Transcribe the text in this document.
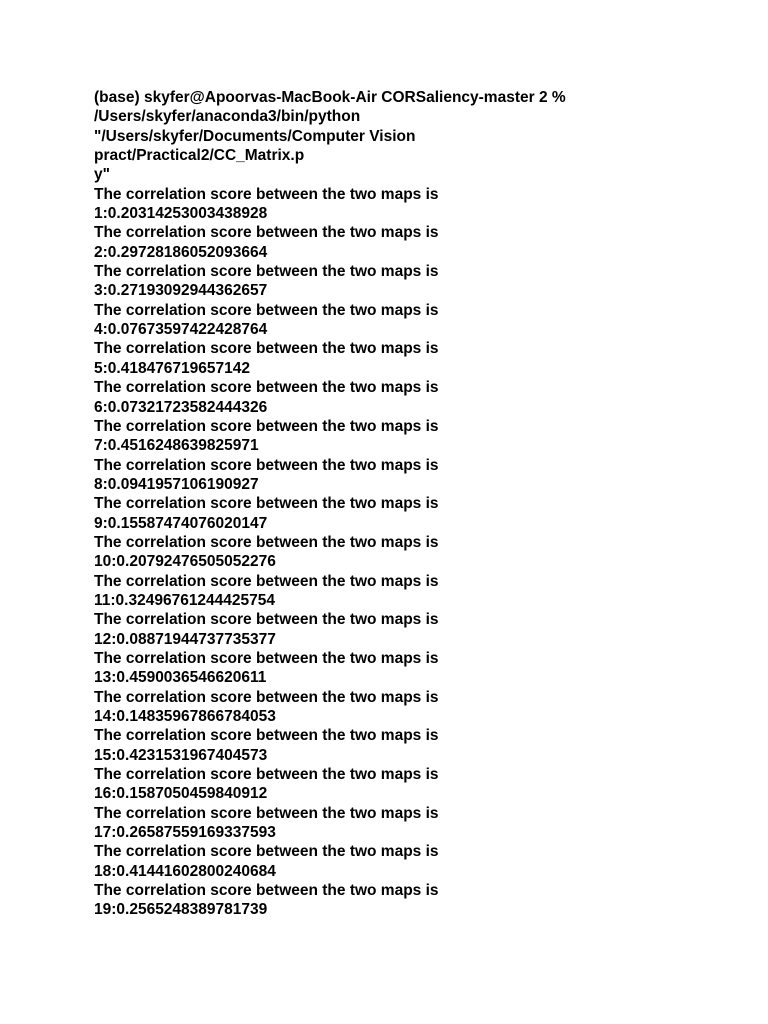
(base) skyfer@Apoorvas-MacBook-Air CORSaliency-master 2 %
/Users/skyfer/anaconda3/bin/python
"/Users/skyfer/Documents/Computer Vision
pract/Practical2/CC_Matrix.p
y"
The correlation score between the two maps is
1:0.20314253003438928
The correlation score between the two maps is
2:0.29728186052093664
The correlation score between the two maps is
3:0.27193092944362657
The correlation score between the two maps is
4:0.07673597422428764
The correlation score between the two maps is
5:0.418476719657142
The correlation score between the two maps is
6:0.07321723582444326
The correlation score between the two maps is
7:0.4516248639825971
The correlation score between the two maps is
8:0.0941957106190927
The correlation score between the two maps is
9:0.15587474076020147
The correlation score between the two maps is
10:0.20792476505052276
The correlation score between the two maps is
11:0.32496761244425754
The correlation score between the two maps is
12:0.08871944737735377
The correlation score between the two maps is
13:0.4590036546620611
The correlation score between the two maps is
14:0.14835967866784053
The correlation score between the two maps is
15:0.4231531967404573
The correlation score between the two maps is
16:0.1587050459840912
The correlation score between the two maps is
17:0.26587559169337593
The correlation score between the two maps is
18:0.41441602800240684
The correlation score between the two maps is
19:0.2565248389781739
